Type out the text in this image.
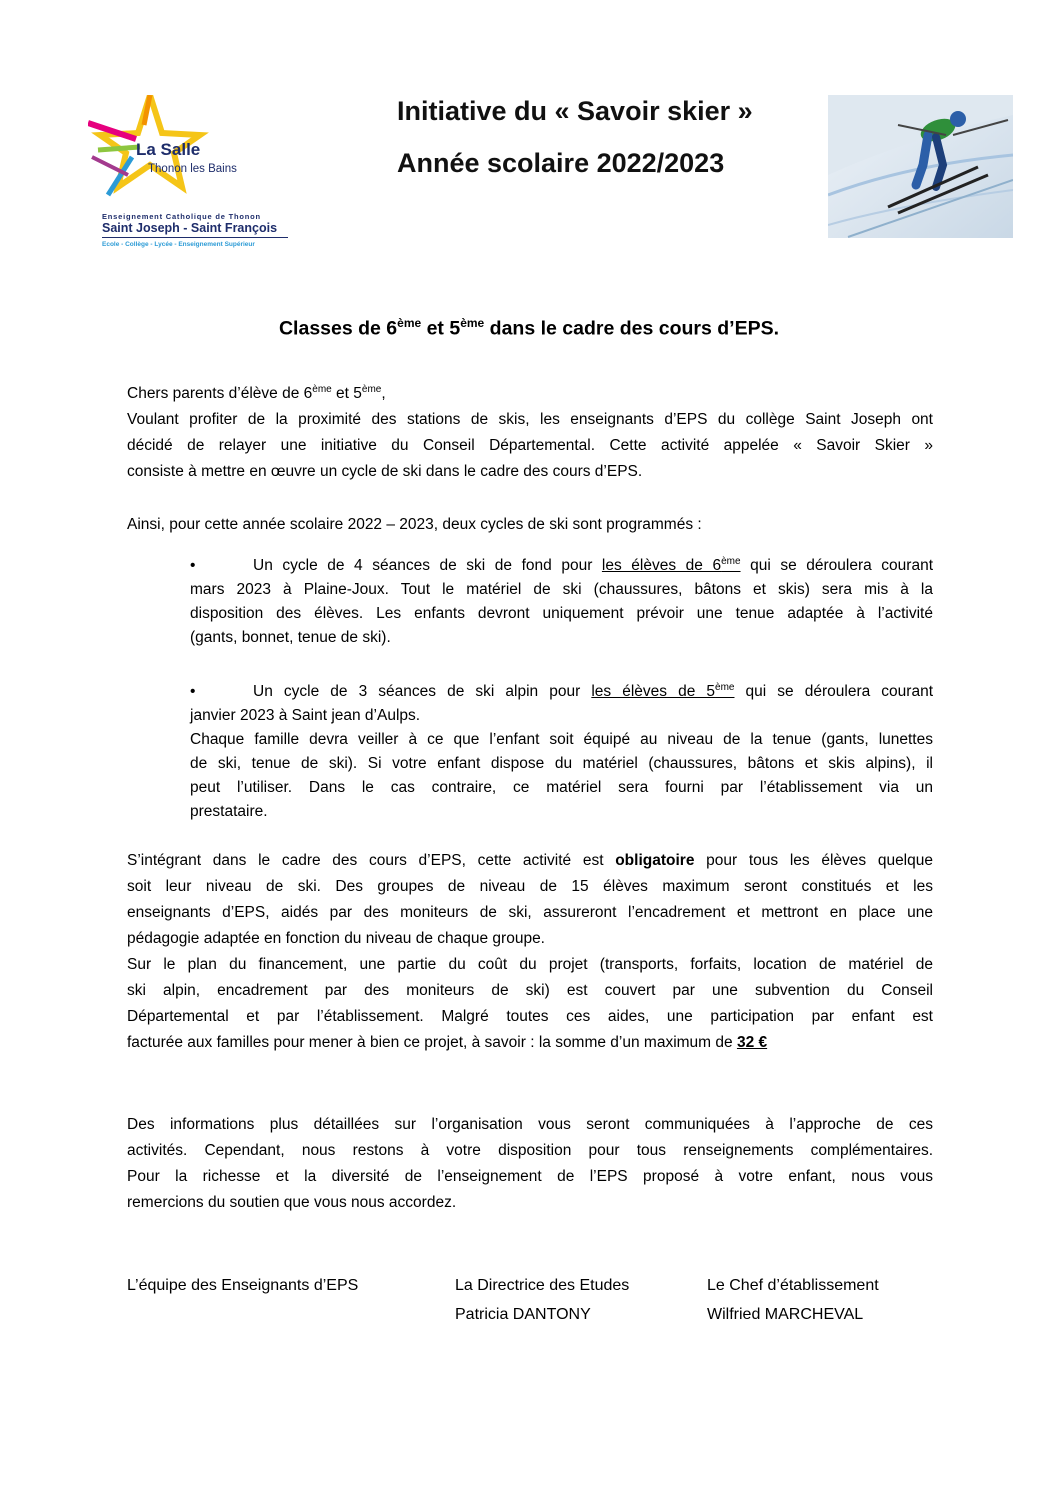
La Salle
Thonon les Bains
Enseignement Catholique de Thonon
Saint Joseph - Saint François
Ecole - Collège - Lycée - Enseignement Supérieur
Initiative du « Savoir skier »
Année scolaire 2022/2023
Classes de 6ème et 5ème dans le cadre des cours d’EPS.
Chers parents d’élève de 6ème et 5ème,
Voulant profiter de la proximité des stations de skis, les enseignants d’EPS du collège Saint Joseph ont
décidé de relayer une initiative du Conseil Départemental. Cette activité appelée « Savoir Skier »
consiste à mettre en œuvre un cycle de ski dans le cadre des cours d’EPS.
Ainsi, pour cette année scolaire 2022 – 2023, deux cycles de ski sont programmés :
•	Un cycle de 4 séances de ski de fond pour les élèves de 6ème qui se déroulera courant
mars 2023 à Plaine-Joux. Tout le matériel de ski (chaussures, bâtons et skis) sera mis à la
disposition des élèves. Les enfants devront uniquement prévoir une tenue adaptée à l’activité
(gants, bonnet, tenue de ski).
•	Un cycle de 3 séances de ski alpin pour les élèves de 5ème qui se déroulera courant
janvier 2023 à Saint jean d’Aulps.
Chaque famille devra veiller à ce que l’enfant soit équipé au niveau de la tenue (gants, lunettes
de ski, tenue de ski). Si votre enfant dispose du matériel (chaussures, bâtons et skis alpins), il
peut l’utiliser. Dans le cas contraire, ce matériel sera fourni par l’établissement via un
prestataire.
S’intégrant dans le cadre des cours d’EPS, cette activité est obligatoire pour tous les élèves quelque
soit leur niveau de ski. Des groupes de niveau de 15 élèves maximum seront constitués et les
enseignants d’EPS, aidés par des moniteurs de ski, assureront l’encadrement et mettront en place une
pédagogie adaptée en fonction du niveau de chaque groupe.
Sur le plan du financement, une partie du coût du projet (transports, forfaits, location de matériel de
ski alpin, encadrement par des moniteurs de ski) est couvert par une subvention du Conseil
Départemental et par l’établissement. Malgré toutes ces aides, une participation par enfant est
facturée aux familles pour mener à bien ce projet, à savoir : la somme d’un maximum de 32 €
Des informations plus détaillées sur l’organisation vous seront communiquées à l’approche de ces
activités. Cependant, nous restons à votre disposition pour tous renseignements complémentaires.
Pour la richesse et la diversité de l’enseignement de l’EPS proposé à votre enfant, nous vous
remercions du soutien que vous nous accordez.
L’équipe des Enseignants d’EPS	La Directrice des Etudes
Patricia DANTONY
Le Chef d’établissement
Wilfried MARCHEVAL
